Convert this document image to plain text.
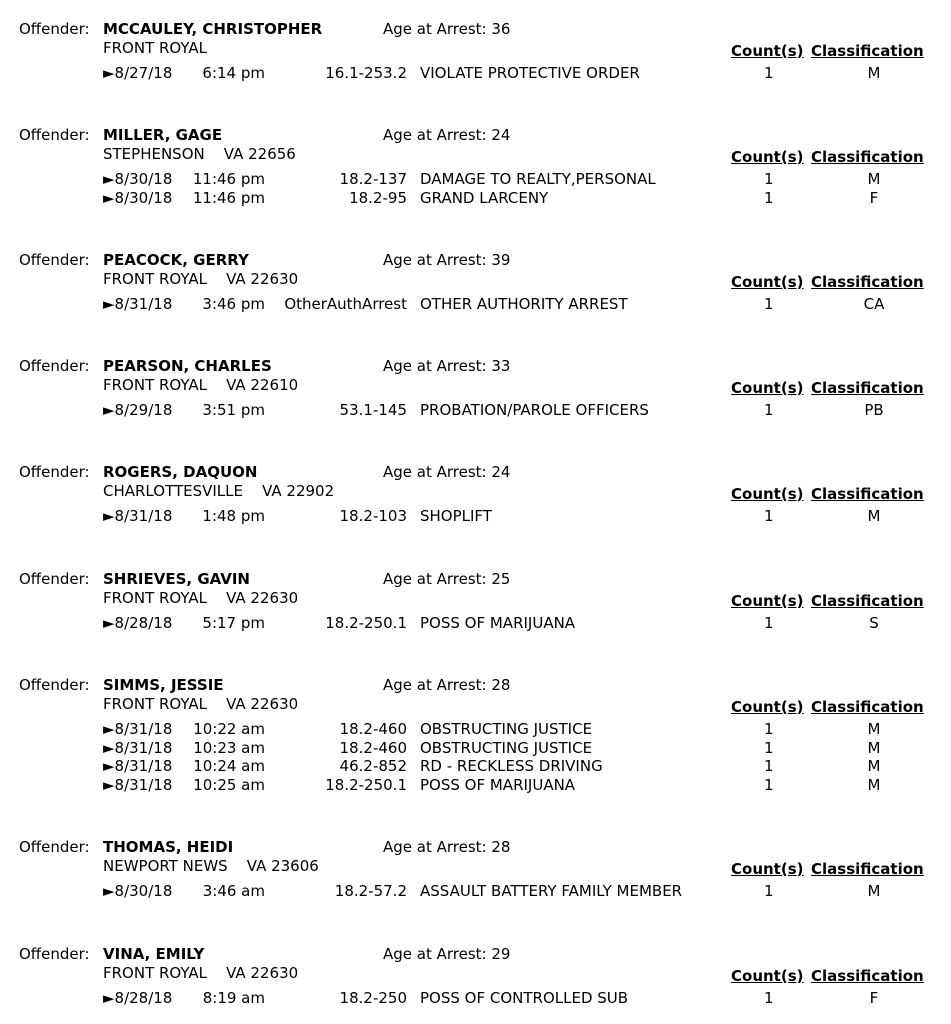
Offender: MCCAULEY, CHRISTOPHER	Age at Arrest: 36
FRONT ROYAL	Count(s) Classification
►8/27/18 6:14 pm	16.1-253.2 VIOLATE PROTECTIVE ORDER	1	M
Offender: MILLER, GAGE	Age at Arrest: 24
STEPHENSON    VA 22656	Count(s) Classification
►8/30/18 11:46 pm	18.2-137 DAMAGE TO REALTY,PERSONAL	1	M
►8/30/18 11:46 pm	18.2-95 GRAND LARCENY	1	F
Offender: PEACOCK, GERRY	Age at Arrest: 39
FRONT ROYAL    VA 22630	Count(s) Classification
►8/31/18 3:46 pm OtherAuthArrest OTHER AUTHORITY ARREST	1	CA
Offender: PEARSON, CHARLES	Age at Arrest: 33
FRONT ROYAL    VA 22610	Count(s) Classification
►8/29/18 3:51 pm	53.1-145 PROBATION/PAROLE OFFICERS	1	PB
Offender: ROGERS, DAQUON	Age at Arrest: 24
CHARLOTTESVILLE    VA 22902	Count(s) Classification
►8/31/18 1:48 pm	18.2-103 SHOPLIFT	1	M
Offender: SHRIEVES, GAVIN	Age at Arrest: 25
FRONT ROYAL    VA 22630	Count(s) Classification
►8/28/18 5:17 pm	18.2-250.1 POSS OF MARIJUANA	1	S
Offender: SIMMS, JESSIE	Age at Arrest: 28
FRONT ROYAL    VA 22630	Count(s) Classification
►8/31/18 10:22 am	18.2-460 OBSTRUCTING JUSTICE	1	M
►8/31/18 10:23 am	18.2-460 OBSTRUCTING JUSTICE	1	M
►8/31/18 10:24 am	46.2-852 RD - RECKLESS DRIVING	1	M
►8/31/18 10:25 am	18.2-250.1 POSS OF MARIJUANA	1	M
Offender: THOMAS, HEIDI	Age at Arrest: 28
NEWPORT NEWS    VA 23606	Count(s) Classification
►8/30/18 3:46 am	18.2-57.2 ASSAULT BATTERY FAMILY MEMBER	1	M
Offender: VINA, EMILY	Age at Arrest: 29
FRONT ROYAL    VA 22630	Count(s) Classification
►8/28/18 8:19 am	18.2-250 POSS OF CONTROLLED SUB	1	F
